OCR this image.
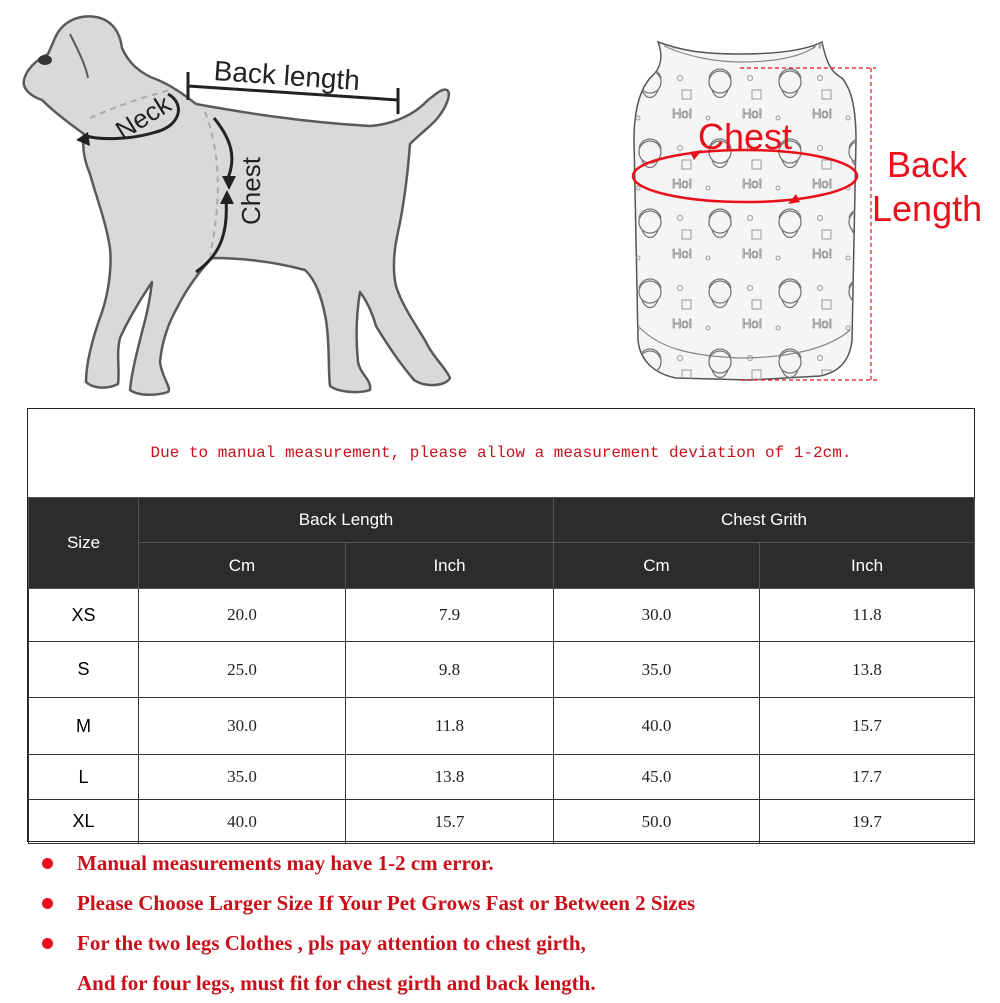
Back length
Neck
Chest
Chest
Back
Length
Due to manual measurement, please allow a measurement deviation of 1-2cm.
Size	Back Length		Chest Grith	
	Cm	Inch	Cm	Inch
XS	20.0	7.9	30.0	11.8
S	25.0	9.8	35.0	13.8
M	30.0	11.8	40.0	15.7
L	35.0	13.8	45.0	17.7
XL	40.0	15.7	50.0	19.7
Manual measurements may have 1-2 cm error.
Please Choose Larger Size If Your Pet Grows Fast or Between 2 Sizes
For the two legs Clothes , pls pay attention to chest girth,
And for four legs, must fit for chest girth and back length.
